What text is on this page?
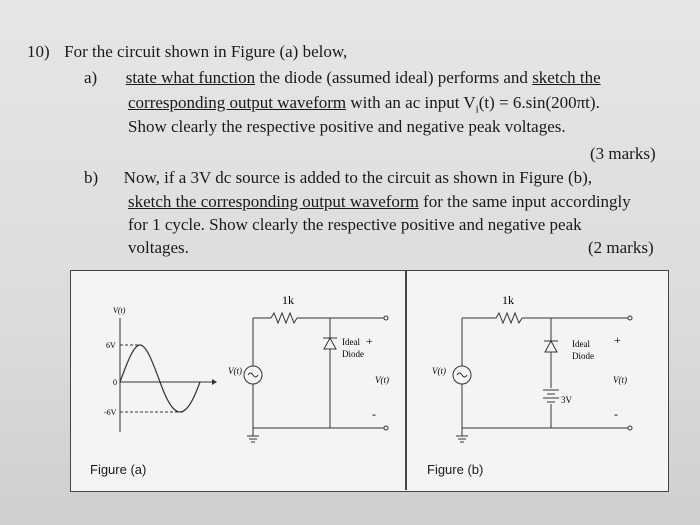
10) For the circuit shown in Figure (a) below,
a) state what function the diode (assumed ideal) performs and sketch the
corresponding output waveform with an ac input $V_i(t) = 6.\sin(200\pi t)$.
Show clearly the respective positive and negative peak voltages.
(3 marks)
b) Now, if a 3V dc source is added to the circuit as shown in Figure (b),
sketch the corresponding output waveform for the same input accordingly
for 1 cycle. Show clearly the respective positive and negative peak
voltages.	(2 marks)
V(t)
6V
0
-6V
V(t)
1k
Ideal
Diode
+
V(t)
-
V(t)
1k
Ideal
Diode
3V
+
V(t)
-
Figure (a)	Figure (b)
